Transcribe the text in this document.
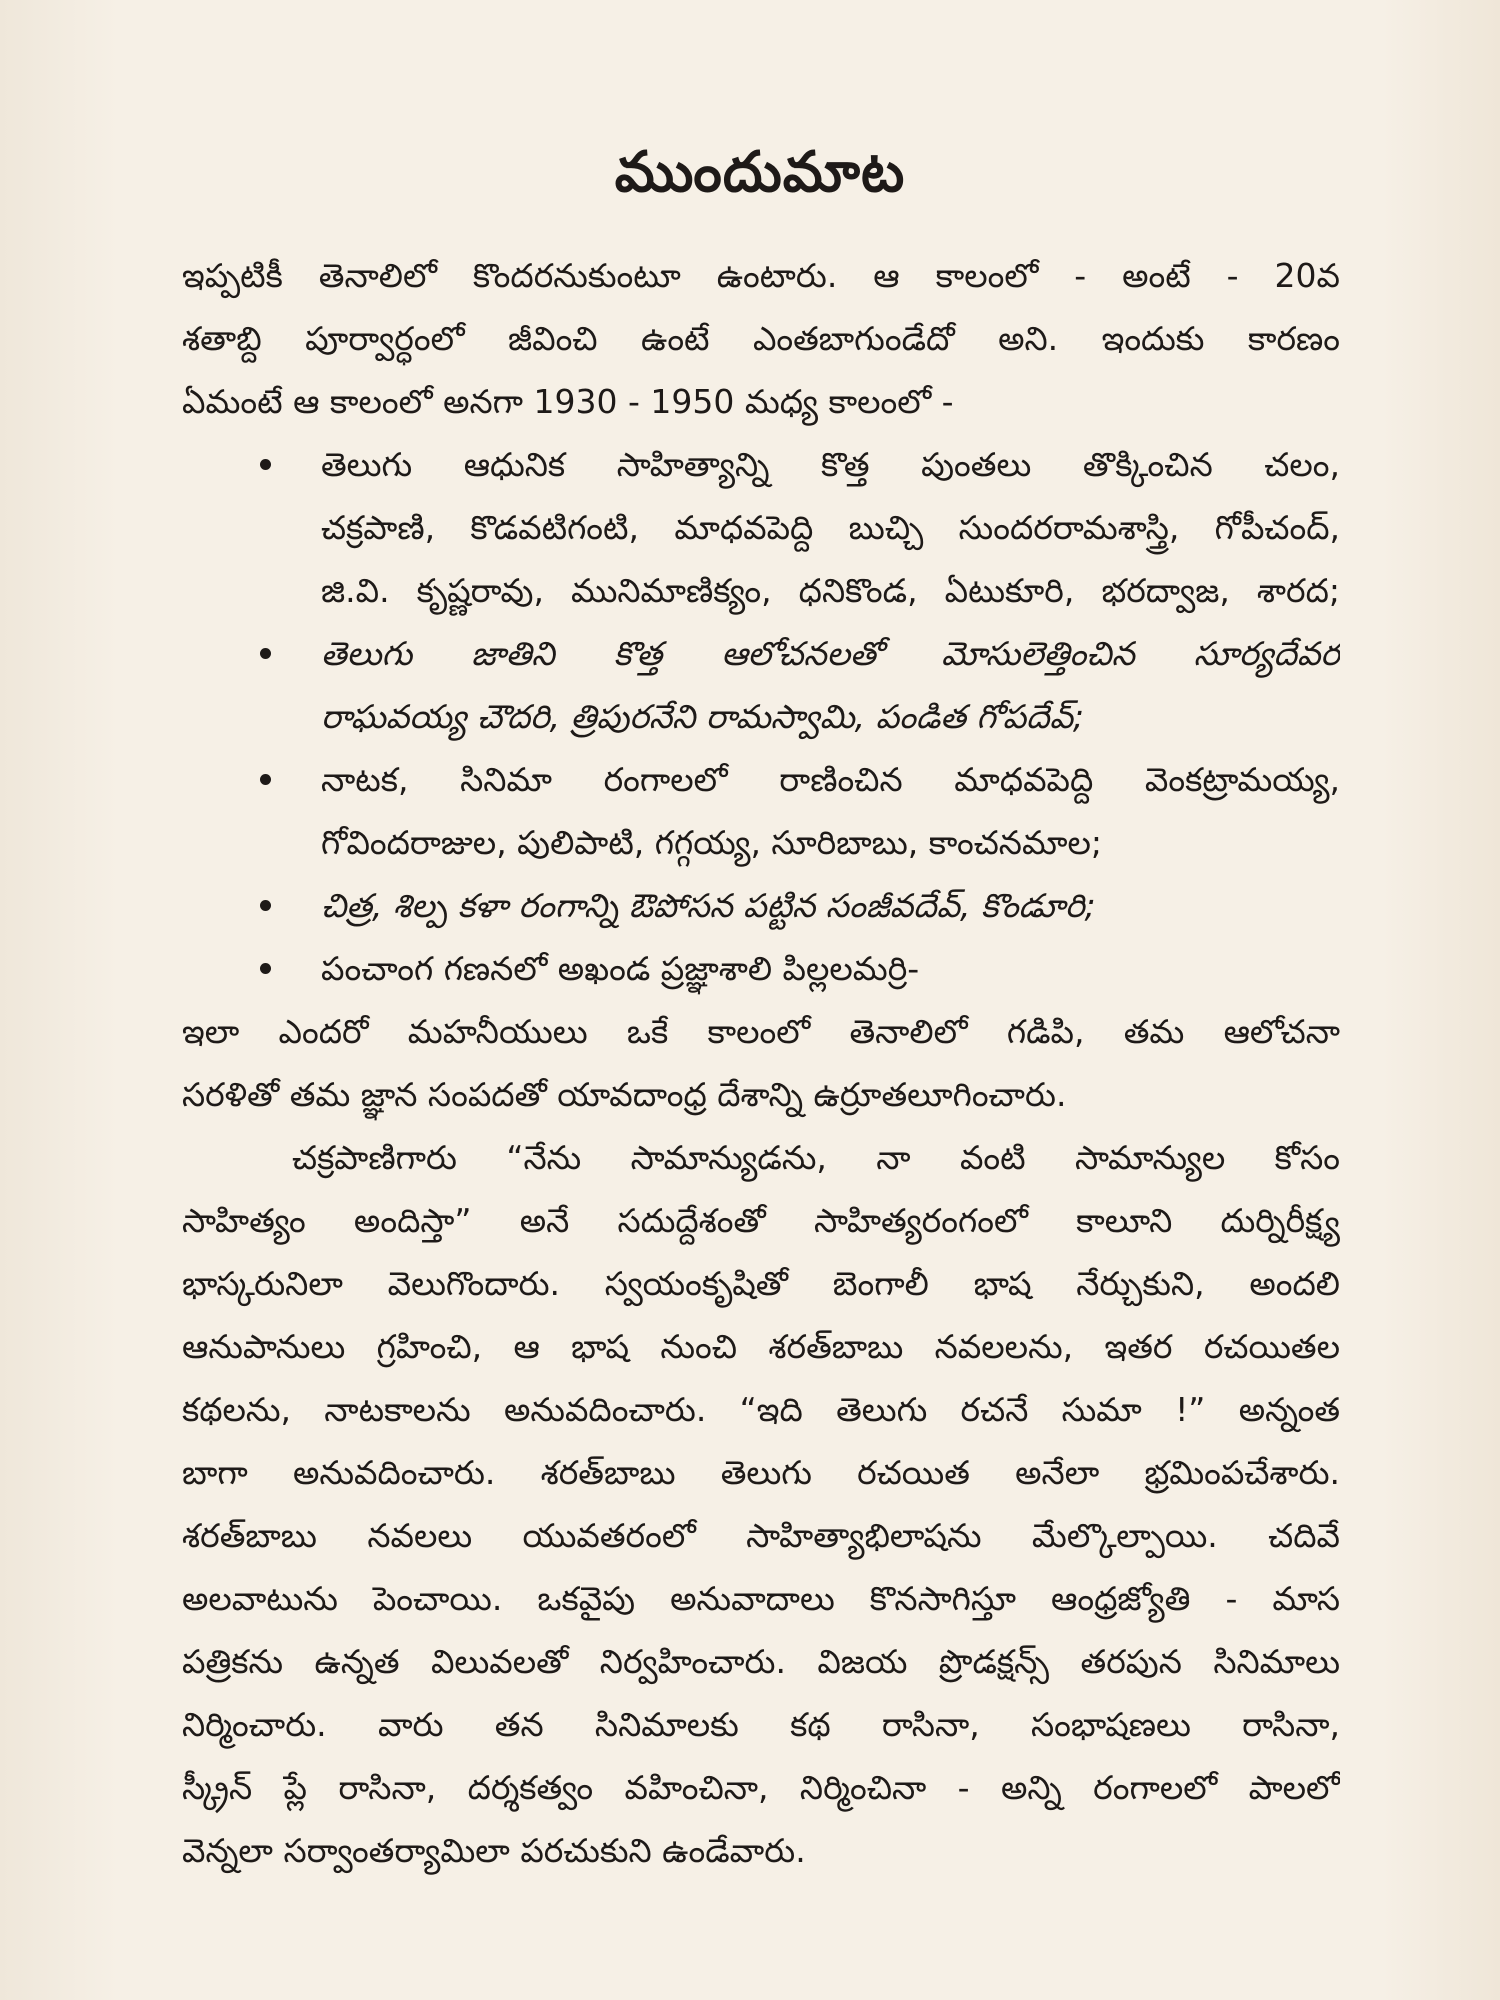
ముందుమాట
ఇప్పటికీ తెనాలిలో కొందరనుకుంటూ ఉంటారు. ఆ కాలంలో - అంటే - 20వ
శతాబ్ది పూర్వార్ధంలో జీవించి ఉంటే ఎంతబాగుండేదో అని. ఇందుకు కారణం
ఏమంటే ఆ కాలంలో అనగా 1930 - 1950 మధ్య కాలంలో -
తెలుగు ఆధునిక సాహిత్యాన్ని కొత్త పుంతలు తొక్కించిన చలం,
చక్రపాణి, కొడవటిగంటి, మాధవపెద్ది బుచ్చి సుందరరామశాస్త్రి, గోపీచంద్,
జి.వి. కృష్ణరావు, మునిమాణిక్యం, ధనికొండ, ఏటుకూరి, భరద్వాజ, శారద;
తెలుగు జాతిని కొత్త ఆలోచనలతో మోసులెత్తించిన సూర్యదేవర
రాఘవయ్య చౌదరి, త్రిపురనేని రామస్వామి, పండిత గోపదేవ్;
నాటక, సినిమా రంగాలలో రాణించిన మాధవపెద్ది వెంకట్రామయ్య,
గోవిందరాజుల, పులిపాటి, గగ్గయ్య, సూరిబాబు, కాంచనమాల;
చిత్ర, శిల్ప కళా రంగాన్ని ఔపోసన పట్టిన సంజీవదేవ్, కొండూరి;
పంచాంగ గణనలో అఖండ ప్రజ్ఞాశాలి పిల్లలమర్రి-
ఇలా ఎందరో మహనీయులు ఒకే కాలంలో తెనాలిలో గడిపి, తమ ఆలోచనా
సరళితో తమ జ్ఞాన సంపదతో యావదాంధ్ర దేశాన్ని ఉర్రూతలూగించారు.
చక్రపాణిగారు “నేను సామాన్యుడను, నా వంటి సామాన్యుల కోసం
సాహిత్యం అందిస్తా” అనే సదుద్దేశంతో సాహిత్యరంగంలో కాలూని దుర్నిరీక్ష్య
భాస్కరునిలా వెలుగొందారు. స్వయంకృషితో బెంగాలీ భాష నేర్చుకుని, అందలి
ఆనుపానులు గ్రహించి, ఆ భాష నుంచి శరత్‌బాబు నవలలను, ఇతర రచయితల
కథలను, నాటకాలను అనువదించారు. “ఇది తెలుగు రచనే సుమా !” అన్నంత
బాగా అనువదించారు. శరత్‌బాబు తెలుగు రచయిత అనేలా భ్రమింపచేశారు.
శరత్‌బాబు నవలలు యువతరంలో సాహిత్యాభిలాషను మేల్కొల్పాయి. చదివే
అలవాటును పెంచాయి. ఒకవైపు అనువాదాలు కొనసాగిస్తూ ఆంధ్రజ్యోతి - మాస
పత్రికను ఉన్నత విలువలతో నిర్వహించారు. విజయ ప్రొడక్షన్స్ తరపున సినిమాలు
నిర్మించారు. వారు తన సినిమాలకు కథ రాసినా, సంభాషణలు రాసినా,
స్క్రీన్ ప్లే రాసినా, దర్శకత్వం వహించినా, నిర్మించినా - అన్ని రంగాలలో పాలలో
వెన్నలా సర్వాంతర్యామిలా పరచుకుని ఉండేవారు.
